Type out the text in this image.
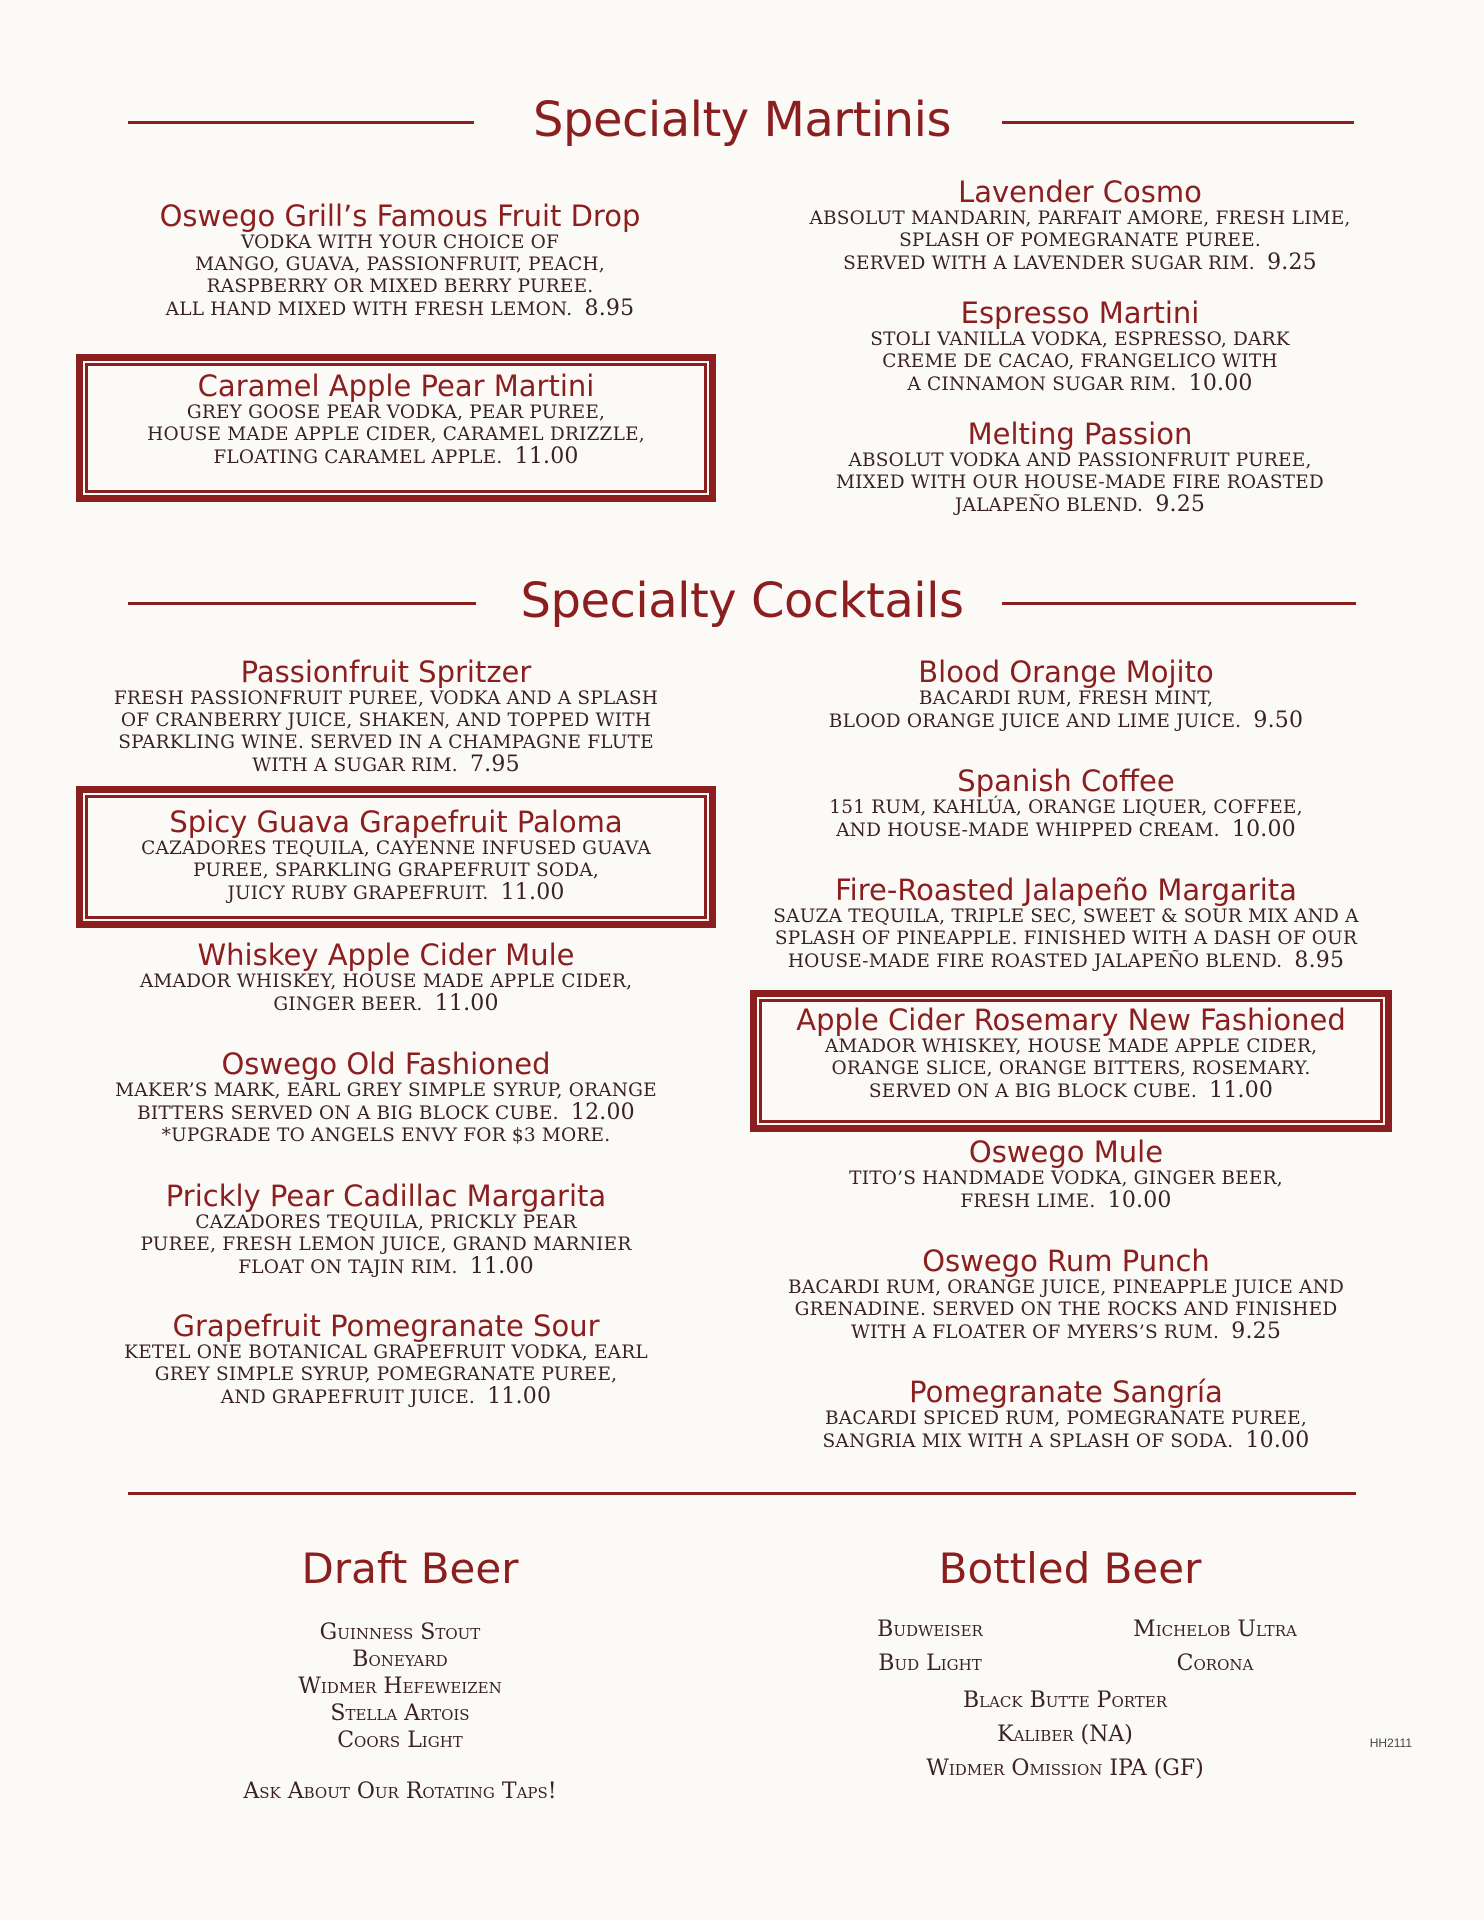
Specialty Martinis
Oswego Grill’s Famous Fruit Drop
VODKA WITH YOUR CHOICE OF
MANGO, GUAVA, PASSIONFRUIT, PEACH,
RASPBERRY OR MIXED BERRY PUREE.
ALL HAND MIXED WITH FRESH LEMON. 8.95
Caramel Apple Pear Martini
GREY GOOSE PEAR VODKA, PEAR PUREE,
HOUSE MADE APPLE CIDER, CARAMEL DRIZZLE,
FLOATING CARAMEL APPLE. 11.00
Lavender Cosmo
ABSOLUT MANDARIN, PARFAIT AMORE, FRESH LIME,
SPLASH OF POMEGRANATE PUREE.
SERVED WITH A LAVENDER SUGAR RIM. 9.25
Espresso Martini
STOLI VANILLA VODKA, ESPRESSO, DARK
CREME DE CACAO, FRANGELICO WITH
A CINNAMON SUGAR RIM. 10.00
Melting Passion
ABSOLUT VODKA AND PASSIONFRUIT PUREE,
MIXED WITH OUR HOUSE-MADE FIRE ROASTED
JALAPEÑO BLEND. 9.25
Specialty Cocktails
Passionfruit Spritzer
FRESH PASSIONFRUIT PUREE, VODKA AND A SPLASH
OF CRANBERRY JUICE, SHAKEN, AND TOPPED WITH
SPARKLING WINE. SERVED IN A CHAMPAGNE FLUTE
WITH A SUGAR RIM. 7.95
Spicy Guava Grapefruit Paloma
CAZADORES TEQUILA, CAYENNE INFUSED GUAVA
PUREE, SPARKLING GRAPEFRUIT SODA,
JUICY RUBY GRAPEFRUIT. 11.00
Whiskey Apple Cider Mule
AMADOR WHISKEY, HOUSE MADE APPLE CIDER,
GINGER BEER. 11.00
Oswego Old Fashioned
MAKER’S MARK, EARL GREY SIMPLE SYRUP, ORANGE
BITTERS SERVED ON A BIG BLOCK CUBE. 12.00
*UPGRADE TO ANGELS ENVY FOR $3 MORE.
Prickly Pear Cadillac Margarita
CAZADORES TEQUILA, PRICKLY PEAR
PUREE, FRESH LEMON JUICE, GRAND MARNIER
FLOAT ON TAJIN RIM. 11.00
Grapefruit Pomegranate Sour
KETEL ONE BOTANICAL GRAPEFRUIT VODKA, EARL
GREY SIMPLE SYRUP, POMEGRANATE PUREE,
AND GRAPEFRUIT JUICE. 11.00
Blood Orange Mojito
BACARDI RUM, FRESH MINT,
BLOOD ORANGE JUICE AND LIME JUICE. 9.50
Spanish Coffee
151 RUM, KAHLÚA, ORANGE LIQUER, COFFEE,
AND HOUSE-MADE WHIPPED CREAM. 10.00
Fire-Roasted Jalapeño Margarita
SAUZA TEQUILA, TRIPLE SEC, SWEET & SOUR MIX AND A
SPLASH OF PINEAPPLE. FINISHED WITH A DASH OF OUR
HOUSE-MADE FIRE ROASTED JALAPEÑO BLEND. 8.95
Apple Cider Rosemary New Fashioned
AMADOR WHISKEY, HOUSE MADE APPLE CIDER,
ORANGE SLICE, ORANGE BITTERS, ROSEMARY.
SERVED ON A BIG BLOCK CUBE. 11.00
Oswego Mule
TITO’S HANDMADE VODKA, GINGER BEER,
FRESH LIME. 10.00
Oswego Rum Punch
BACARDI RUM, ORANGE JUICE, PINEAPPLE JUICE AND
GRENADINE. SERVED ON THE ROCKS AND FINISHED
WITH A FLOATER OF MYERS’S RUM. 9.25
Pomegranate Sangría
BACARDI SPICED RUM, POMEGRANATE PUREE,
SANGRIA MIX WITH A SPLASH OF SODA. 10.00
Draft Beer
Guinness Stout
Boneyard
Widmer Hefeweizen
Stella Artois
Coors Light
Ask About Our Rotating Taps!
Bottled Beer
Budweiser	Michelob Ultra
Bud Light	Corona
Black Butte Porter
Kaliber (NA)
Widmer Omission IPA (GF)
HH2111
